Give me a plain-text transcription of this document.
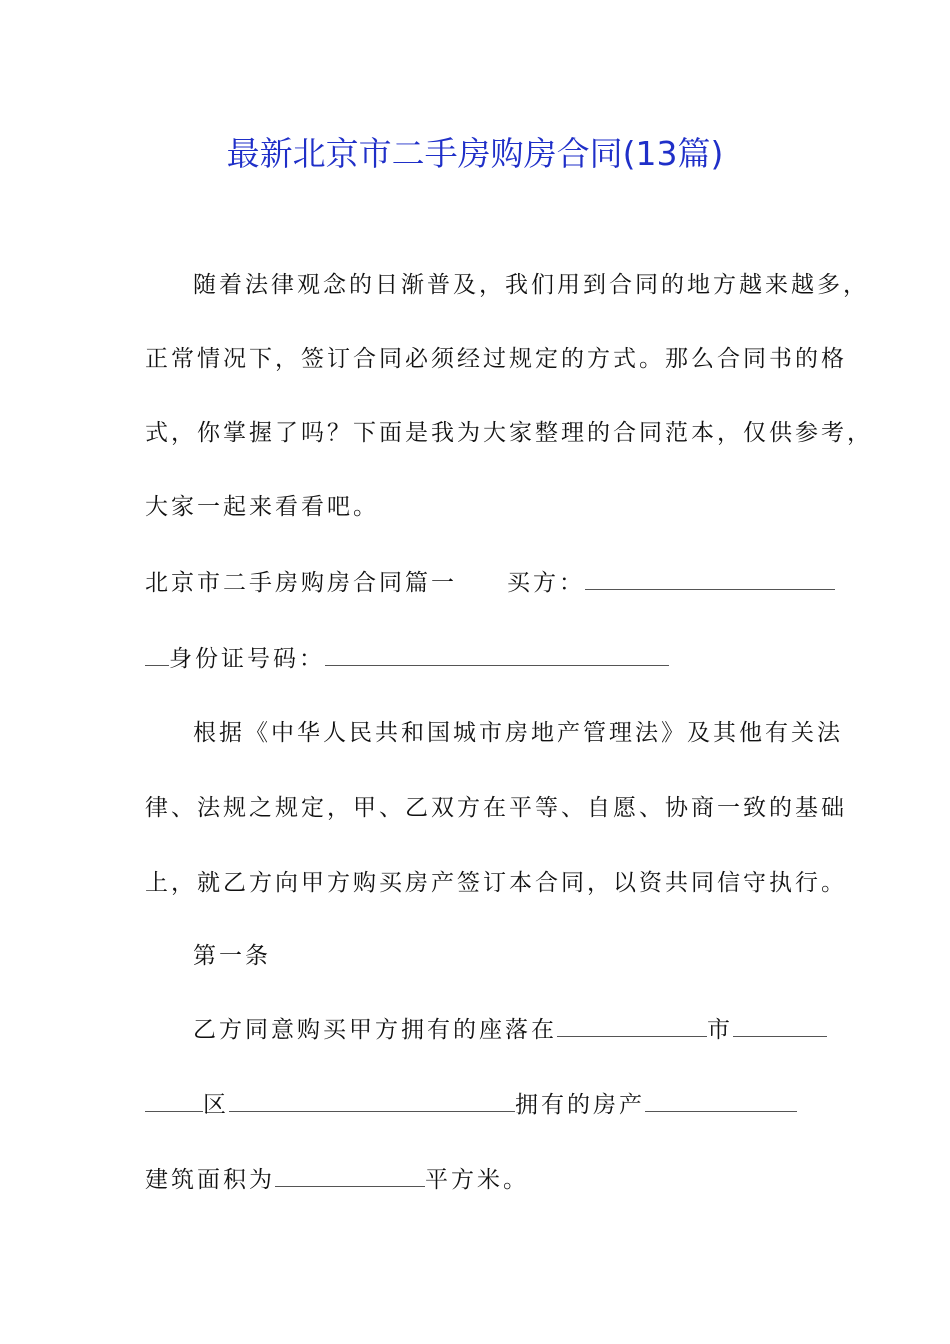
最新北京市二手房购房合同(13篇)
随着法律观念的日渐普及，我们用到合同的地方越来越多，
正常情况下，签订合同必须经过规定的方式。那么合同书的格
式，你掌握了吗？下面是我为大家整理的合同范本，仅供参考，
大家一起来看看吧。
北京市二手房购房合同篇一 买方：
身份证号码：
根据《中华人民共和国城市房地产管理法》及其他有关法
律、法规之规定，甲、乙双方在平等、自愿、协商一致的基础
上，就乙方向甲方购买房产签订本合同，以资共同信守执行。
第一条
乙方同意购买甲方拥有的座落在	市
区	拥有的房产
建筑面积为	平方米。
